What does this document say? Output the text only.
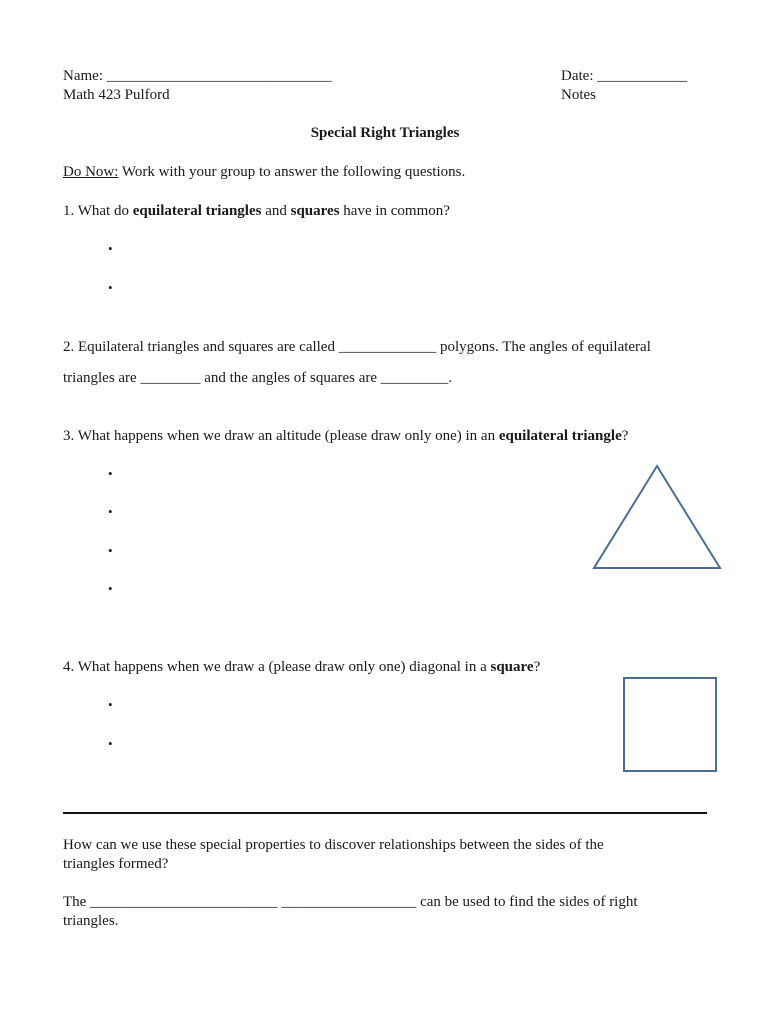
Name: ______________________________	Date: ____________
Math 423 Pulford	Notes
Special Right Triangles
Do Now: Work with your group to answer the following questions.
1. What do equilateral triangles and squares have in common?
•
•
2. Equilateral triangles and squares are called _____________ polygons. The angles of equilateral
triangles are ________ and the angles of squares are _________.
3. What happens when we draw an altitude (please draw only one) in an equilateral triangle?
•
•
•
•
4. What happens when we draw a (please draw only one) diagonal in a square?
•
•
How can we use these special properties to discover relationships between the sides of the
triangles formed?
The _________________________ __________________ can be used to find the sides of right
triangles.
